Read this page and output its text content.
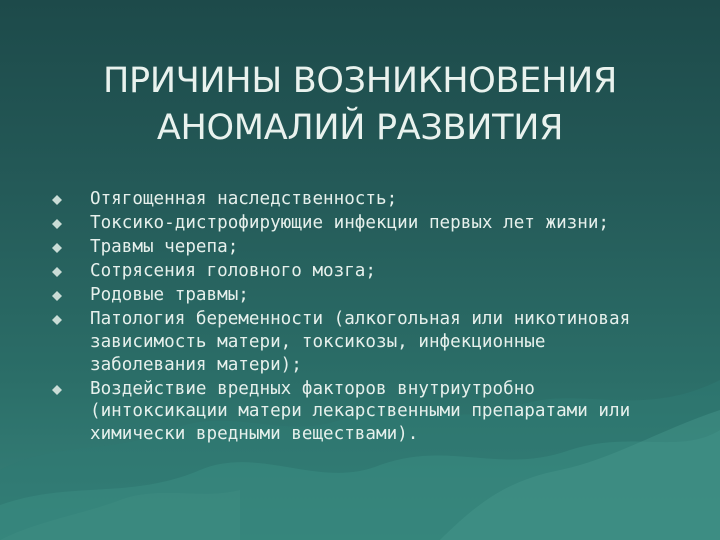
ПРИЧИНЫ ВОЗНИКНОВЕНИЯ
АНОМАЛИЙ РАЗВИТИЯ
Отягощенная наследственность;
Токсико-дистрофирующие инфекции первых лет жизни;
Травмы черепа;
Сотрясения головного мозга;
Родовые травмы;
Патология беременности (алкогольная или никотиновая
зависимость матери, токсикозы, инфекционные
заболевания матери);
Воздействие вредных факторов внутриутробно
(интоксикации матери лекарственными препаратами или
химически вредными веществами).
